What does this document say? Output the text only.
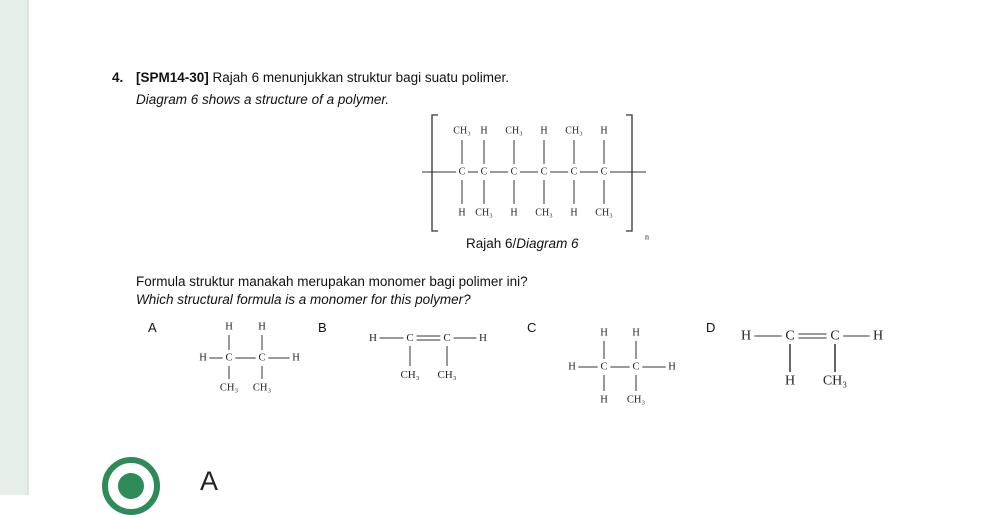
4. [SPM14-30] Rajah 6 menunjukkan struktur bagi suatu polimer.
Diagram 6 shows a structure of a polymer.
Rajah 6/Diagram 6
Formula struktur manakah merupakan monomer bagi polimer ini?
Which structural formula is a monomer for this polymer?
A	B	C	D
CH₃
C
H
H
C
CH₃
CH₃
C
H
H
C
CH₃
CH₃
C
H
H
C
CH₃
n
H C C	H
H
CH₃
H
CH₃
H	C	C	H
CH₃ CH₃
H C C	H
H
H
H
CH₃
H C	C H
H CH₃
A
